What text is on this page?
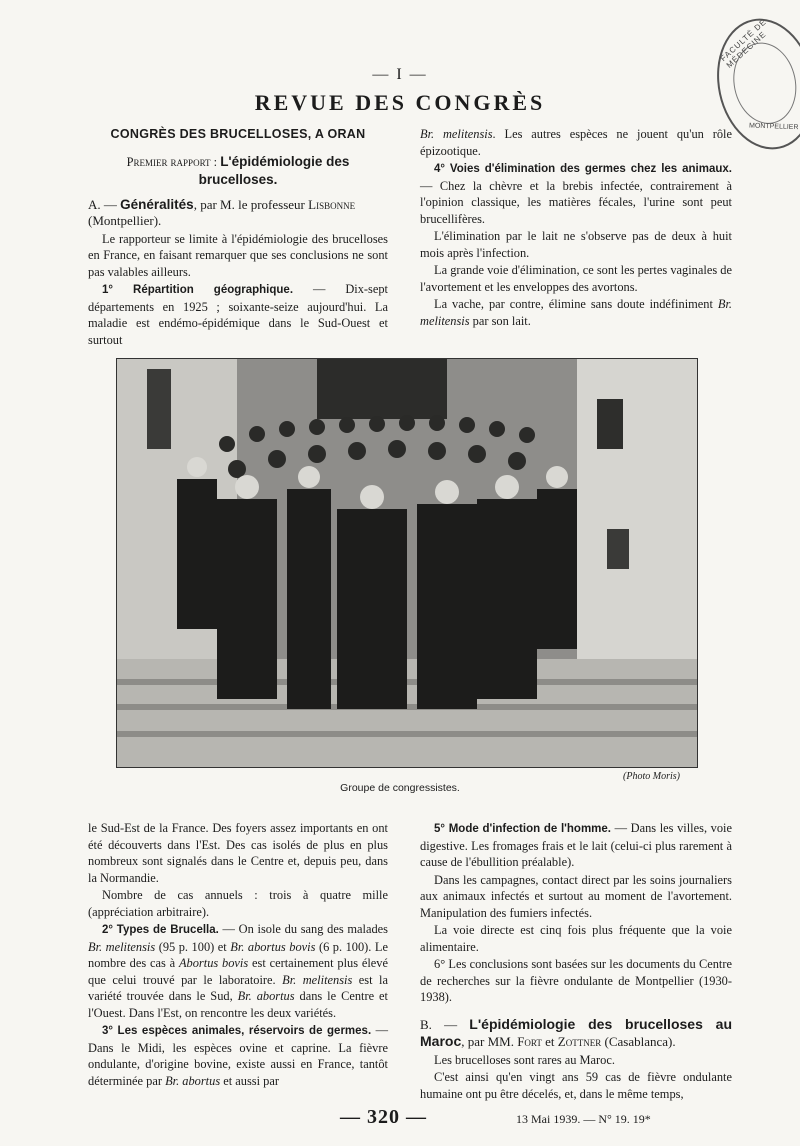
FACULTÉ DE MÉDECINE
MONTPELLIER
— I —
REVUE DES CONGRÈS
CONGRÈS DES BRUCELLOSES, A ORAN
Premier rapport : L'épidémiologie des brucelloses.

A. — Généralités, par M. le professeur Lisbonne
(Montpellier).

Le rapporteur se limite à l'épidémiologie des brucelloses en France, en faisant remarquer que ses conclusions ne sont pas valables ailleurs.

1° Répartition géographique. — Dix-sept départements en 1925 ; soixante-seize aujourd'hui. La maladie est endémo-épidémique dans le Sud-Ouest et surtout

Br. melitensis. Les autres espèces ne jouent qu'un rôle épizootique.

4° Voies d'élimination des germes chez les animaux. — Chez la chèvre et la brebis infectée, contrairement à l'opinion classique, les matières fécales, l'urine sont peut brucellifères.

L'élimination par le lait ne s'observe pas de deux à huit mois après l'infection.

La grande voie d'élimination, ce sont les pertes vaginales de l'avortement et les enveloppes des avortons.

La vache, par contre, élimine sans doute indéfiniment Br. melitensis par son lait.

(Photo Moris)
Groupe de congressistes.

le Sud-Est de la France. Des foyers assez importants en ont été découverts dans l'Est. Des cas isolés de plus en plus nombreux sont signalés dans le Centre et, depuis peu, dans la Normandie.

Nombre de cas annuels : trois à quatre mille (appréciation arbitraire).

2° Types de Brucella. — On isole du sang des malades Br. melitensis (95 p. 100) et Br. abortus bovis (6 p. 100). Le nombre des cas à Abortus bovis est certainement plus élevé que celui trouvé par le laboratoire. Br. melitensis est la variété trouvée dans le Sud, Br. abortus dans le Centre et l'Ouest. Dans l'Est, on rencontre les deux variétés.

3° Les espèces animales, réservoirs de germes. — Dans le Midi, les espèces ovine et caprine. La fièvre ondulante, d'origine bovine, existe aussi en France, tantôt déterminée par Br. abortus et aussi par

5° Mode d'infection de l'homme. — Dans les villes, voie digestive. Les fromages frais et le lait (celui-ci plus rarement à cause de l'ébullition préalable).

Dans les campagnes, contact direct par les soins journaliers aux animaux infectés et surtout au moment de l'avortement. Manipulation des fumiers infectés.

La voie directe est cinq fois plus fréquente que la voie alimentaire.

6° Les conclusions sont basées sur les documents du Centre de recherches sur la fièvre ondulante de Montpellier (1930-1938).

B. — L'épidémiologie des brucelloses au Maroc, par MM. Fort et Zottner (Casablanca).

Les brucelloses sont rares au Maroc.

C'est ainsi qu'en vingt ans 59 cas de fièvre ondulante humaine ont pu être décelés, et, dans le même temps,

— 320 —	13 Mai 1939. — N° 19. 19*
